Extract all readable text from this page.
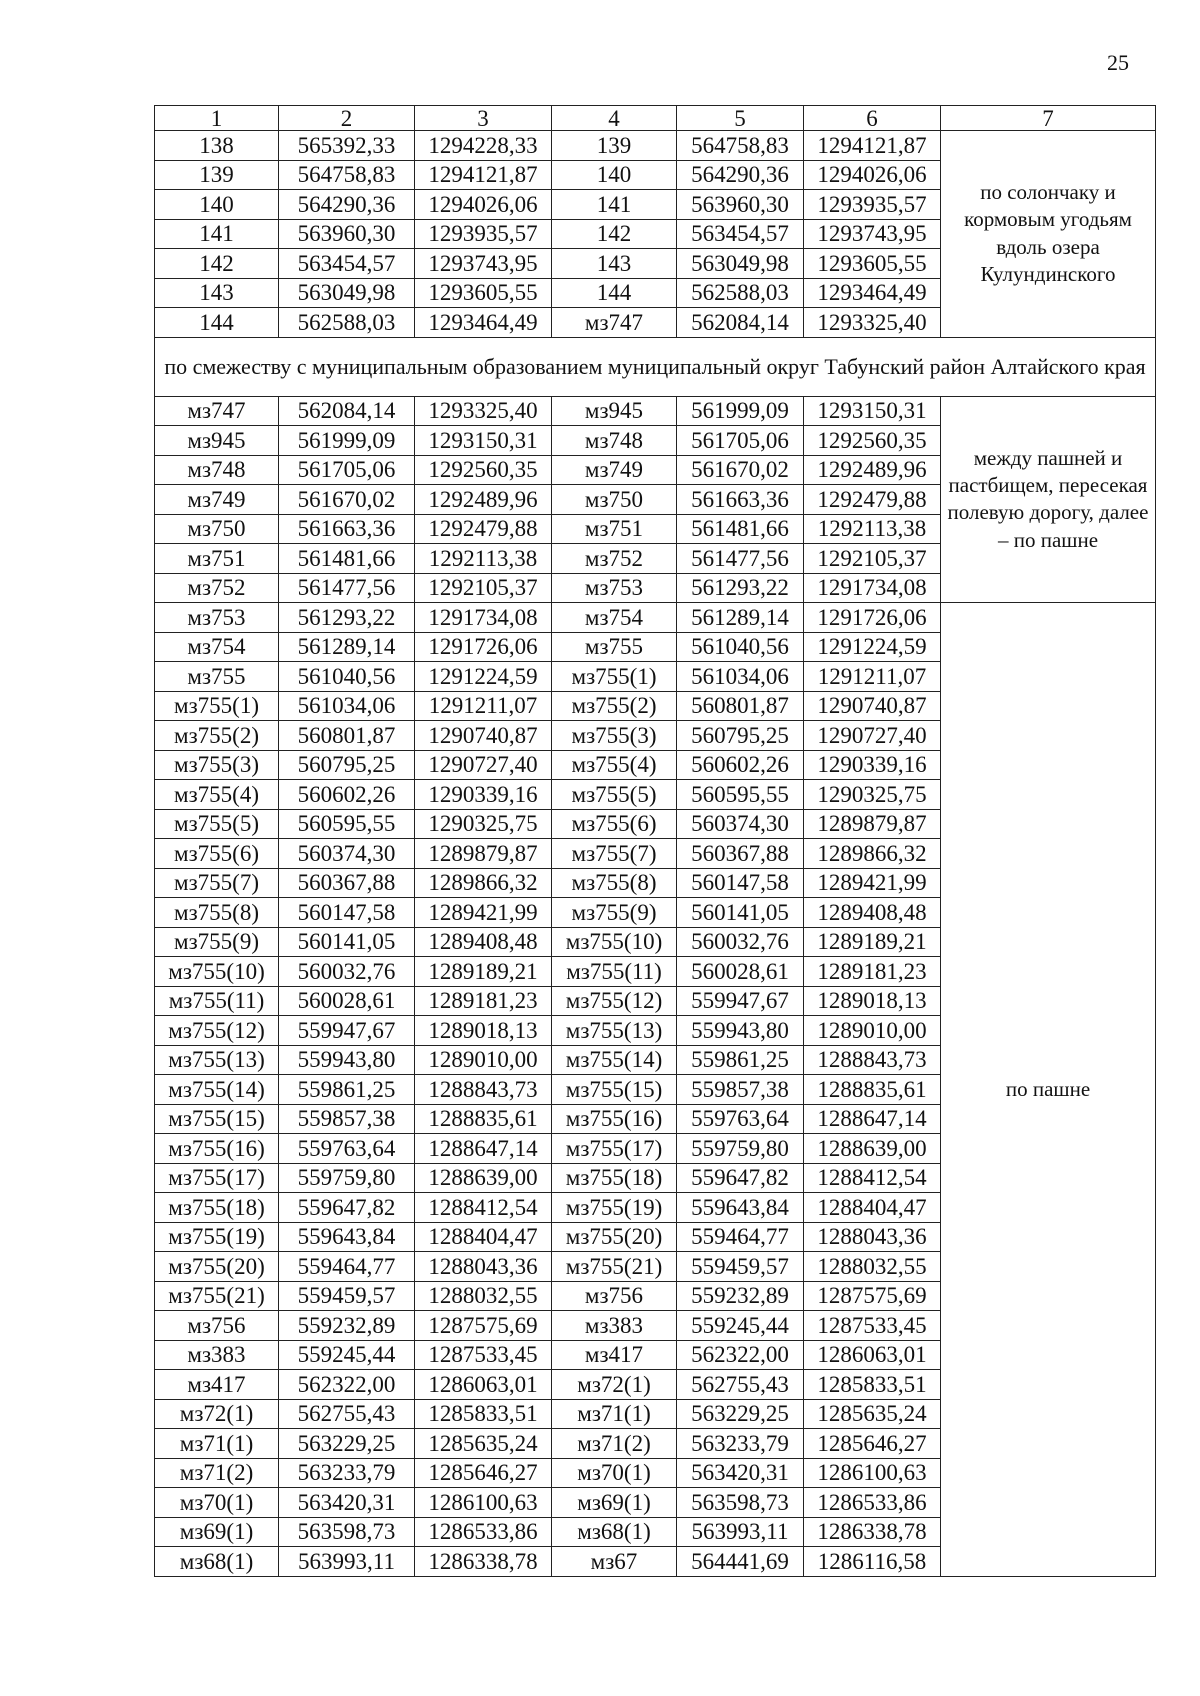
25
1	2	3	4	5	6	7
138	565392,33	1294228,33	139	564758,83	1294121,87	по солончаку и кормовым угодьям вдоль озера Кулундинского
139	564758,83	1294121,87	140	564290,36	1294026,06	
140	564290,36	1294026,06	141	563960,30	1293935,57	
141	563960,30	1293935,57	142	563454,57	1293743,95	
142	563454,57	1293743,95	143	563049,98	1293605,55	
143	563049,98	1293605,55	144	562588,03	1293464,49	
144	562588,03	1293464,49	мз747	562084,14	1293325,40	
по смежеству с муниципальным образованием муниципальный округ Табунский район Алтайского края						
мз747	562084,14	1293325,40	мз945	561999,09	1293150,31	между пашней и пастбищем, пересекая полевую дорогу, далее – по пашне
мз945	561999,09	1293150,31	мз748	561705,06	1292560,35	
мз748	561705,06	1292560,35	мз749	561670,02	1292489,96	
мз749	561670,02	1292489,96	мз750	561663,36	1292479,88	
мз750	561663,36	1292479,88	мз751	561481,66	1292113,38	
мз751	561481,66	1292113,38	мз752	561477,56	1292105,37	
мз752	561477,56	1292105,37	мз753	561293,22	1291734,08	
мз753	561293,22	1291734,08	мз754	561289,14	1291726,06	по пашне
мз754	561289,14	1291726,06	мз755	561040,56	1291224,59	
мз755	561040,56	1291224,59	мз755(1)	561034,06	1291211,07	
мз755(1)	561034,06	1291211,07	мз755(2)	560801,87	1290740,87	
мз755(2)	560801,87	1290740,87	мз755(3)	560795,25	1290727,40	
мз755(3)	560795,25	1290727,40	мз755(4)	560602,26	1290339,16	
мз755(4)	560602,26	1290339,16	мз755(5)	560595,55	1290325,75	
мз755(5)	560595,55	1290325,75	мз755(6)	560374,30	1289879,87	
мз755(6)	560374,30	1289879,87	мз755(7)	560367,88	1289866,32	
мз755(7)	560367,88	1289866,32	мз755(8)	560147,58	1289421,99	
мз755(8)	560147,58	1289421,99	мз755(9)	560141,05	1289408,48	
мз755(9)	560141,05	1289408,48	мз755(10)	560032,76	1289189,21	
мз755(10)	560032,76	1289189,21	мз755(11)	560028,61	1289181,23	
мз755(11)	560028,61	1289181,23	мз755(12)	559947,67	1289018,13	
мз755(12)	559947,67	1289018,13	мз755(13)	559943,80	1289010,00	
мз755(13)	559943,80	1289010,00	мз755(14)	559861,25	1288843,73	
мз755(14)	559861,25	1288843,73	мз755(15)	559857,38	1288835,61	
мз755(15)	559857,38	1288835,61	мз755(16)	559763,64	1288647,14	
мз755(16)	559763,64	1288647,14	мз755(17)	559759,80	1288639,00	
мз755(17)	559759,80	1288639,00	мз755(18)	559647,82	1288412,54	
мз755(18)	559647,82	1288412,54	мз755(19)	559643,84	1288404,47	
мз755(19)	559643,84	1288404,47	мз755(20)	559464,77	1288043,36	
мз755(20)	559464,77	1288043,36	мз755(21)	559459,57	1288032,55	
мз755(21)	559459,57	1288032,55	мз756	559232,89	1287575,69	
мз756	559232,89	1287575,69	мз383	559245,44	1287533,45	
мз383	559245,44	1287533,45	мз417	562322,00	1286063,01	
мз417	562322,00	1286063,01	мз72(1)	562755,43	1285833,51	
мз72(1)	562755,43	1285833,51	мз71(1)	563229,25	1285635,24	
мз71(1)	563229,25	1285635,24	мз71(2)	563233,79	1285646,27	
мз71(2)	563233,79	1285646,27	мз70(1)	563420,31	1286100,63	
мз70(1)	563420,31	1286100,63	мз69(1)	563598,73	1286533,86	
мз69(1)	563598,73	1286533,86	мз68(1)	563993,11	1286338,78	
мз68(1)	563993,11	1286338,78	мз67	564441,69	1286116,58	
